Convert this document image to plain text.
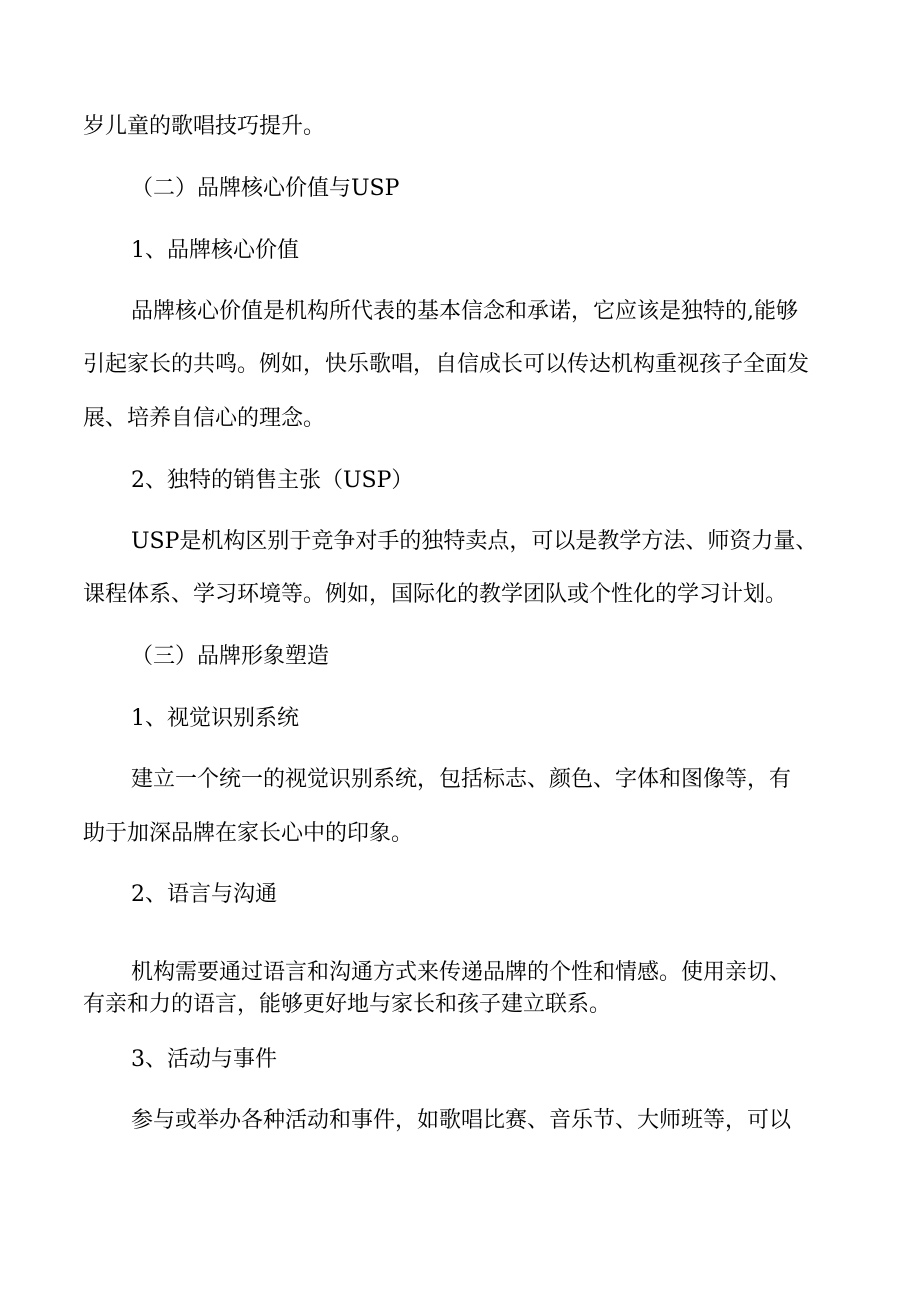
岁儿童的歌唱技巧提升。
（二）品牌核心价值与USP
1、品牌核心价值
品牌核心价值是机构所代表的基本信念和承诺，它应该是独特的,能够
引起家长的共鸣。例如，快乐歌唱，自信成长可以传达机构重视孩子全面发
展、培养自信心的理念。
2、独特的销售主张（USP）
USP是机构区别于竞争对手的独特卖点，可以是教学方法、师资力量、
课程体系、学习环境等。例如，国际化的教学团队或个性化的学习计划。
（三）品牌形象塑造
1、视觉识别系统
建立一个统一的视觉识别系统，包括标志、颜色、字体和图像等，有
助于加深品牌在家长心中的印象。
2、语言与沟通
机构需要通过语言和沟通方式来传递品牌的个性和情感。使用亲切、
有亲和力的语言，能够更好地与家长和孩子建立联系。
3、活动与事件
参与或举办各种活动和事件，如歌唱比赛、音乐节、大师班等，可以
